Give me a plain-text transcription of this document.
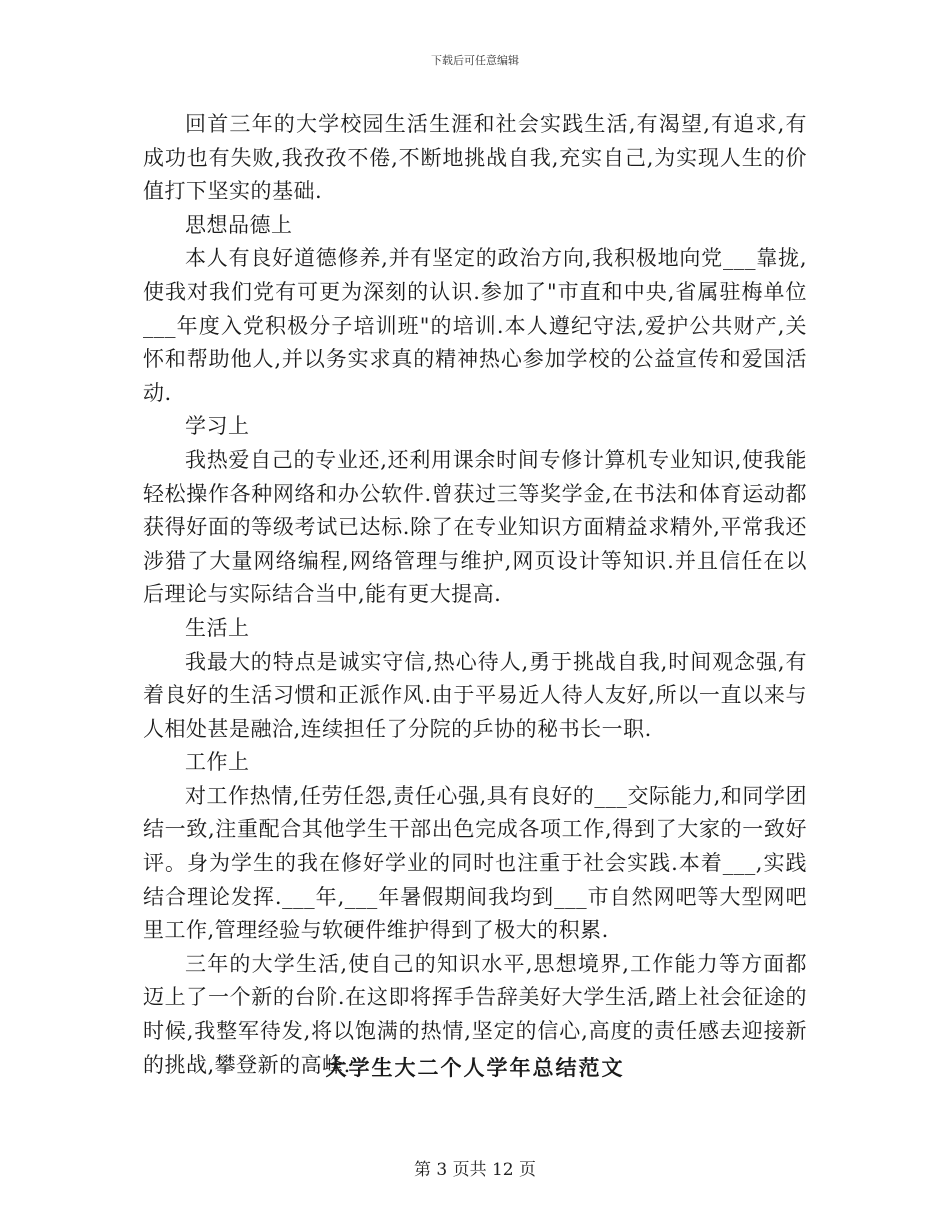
下载后可任意编辑

回首三年的大学校园生活生涯和社会实践生活,有渴望,有追求,有成功也有失败,我孜孜不倦,不断地挑战自我,充实自己,为实现人生的价值打下坚实的基础.

思想品德上

本人有良好道德修养,并有坚定的政治方向,我积极地向党___靠拢,使我对我们党有可更为深刻的认识.参加了"市直和中央,省属驻梅单位___年度入党积极分子培训班"的培训.本人遵纪守法,爱护公共财产,关怀和帮助他人,并以务实求真的精神热心参加学校的公益宣传和爱国活动.

学习上

我热爱自己的专业还,还利用课余时间专修计算机专业知识,使我能轻松操作各种网络和办公软件.曾获过三等奖学金,在书法和体育运动都获得好面的等级考试已达标.除了在专业知识方面精益求精外,平常我还涉猎了大量网络编程,网络管理与维护,网页设计等知识.并且信任在以后理论与实际结合当中,能有更大提高.

生活上

我最大的特点是诚实守信,热心待人,勇于挑战自我,时间观念强,有着良好的生活习惯和正派作风.由于平易近人待人友好,所以一直以来与人相处甚是融洽,连续担任了分院的乒协的秘书长一职.

工作上

对工作热情,任劳任怨,责任心强,具有良好的___交际能力,和同学团结一致,注重配合其他学生干部出色完成各项工作,得到了大家的一致好评。身为学生的我在修好学业的同时也注重于社会实践.本着___,实践结合理论发挥.___年,___年暑假期间我均到___市自然网吧等大型网吧里工作,管理经验与软硬件维护得到了极大的积累.

三年的大学生活,使自己的知识水平,思想境界,工作能力等方面都迈上了一个新的台阶.在这即将挥手告辞美好大学生活,踏上社会征途的时候,我整军待发,将以饱满的热情,坚定的信心,高度的责任感去迎接新的挑战,攀登新的高峰.

大学生大二个人学年总结范文
第 3 页共 12 页
